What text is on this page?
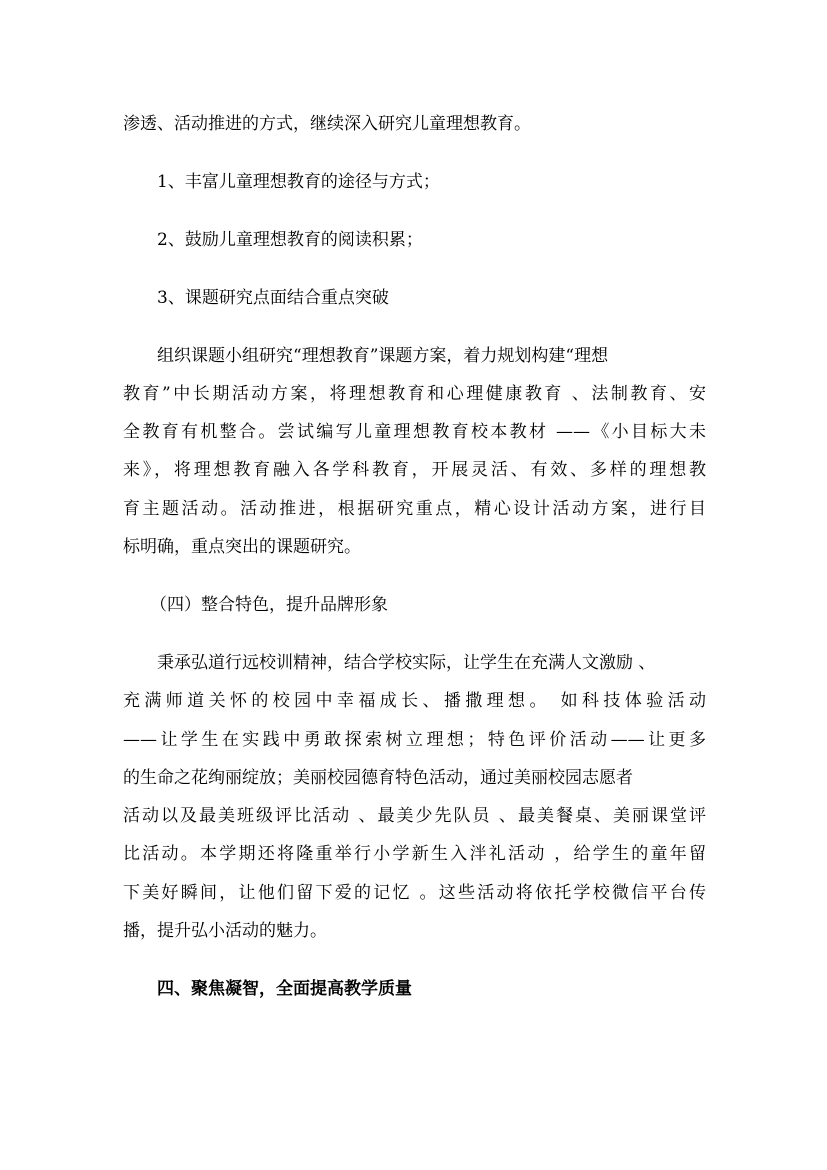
渗透、活动推进的方式，继续深入研究儿童理想教育。
1、丰富儿童理想教育的途径与方式；
2、鼓励儿童理想教育的阅读积累；
3、课题研究点面结合重点突破
组织课题小组研究“理想教育”课题方案，着力规划构建“理想
教育”中长期活动方案，将理想教育和心理健康教育 、法制教育、安
全教育有机整合。尝试编写儿童理想教育校本教材 ——《小目标大未
来》，将理想教育融入各学科教育，开展灵活、有效、多样的理想教
育主题活动。活动推进，根据研究重点，精心设计活动方案，进行目
标明确，重点突出的课题研究。
（四）整合特色，提升品牌形象
秉承弘道行远校训精神，结合学校实际，让学生在充满人文激励 、
充满师道关怀的校园中幸福成长、播撒理想。 如科技体验活动
——让学生在实践中勇敢探索树立理想；特色评价活动——让更多
的生命之花绚丽绽放；美丽校园德育特色活动，通过美丽校园志愿者
活动以及最美班级评比活动 、最美少先队员 、最美餐桌、美丽课堂评
比活动。本学期还将隆重举行小学新生入泮礼活动 ，给学生的童年留
下美好瞬间，让他们留下爱的记忆 。这些活动将依托学校微信平台传
播，提升弘小活动的魅力。
四、聚焦凝智，全面提高教学质量
